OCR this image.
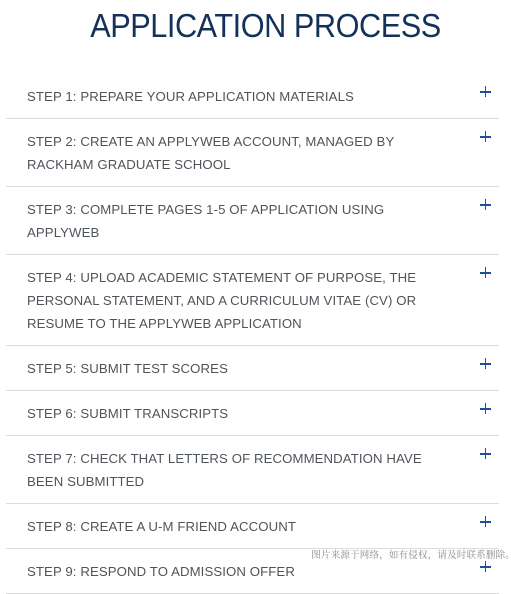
APPLICATION PROCESS
STEP 1: PREPARE YOUR APPLICATION MATERIALS
STEP 2: CREATE AN APPLYWEB ACCOUNT, MANAGED BY RACKHAM GRADUATE SCHOOL
STEP 3: COMPLETE PAGES 1-5 OF APPLICATION USING APPLYWEB
STEP 4: UPLOAD ACADEMIC STATEMENT OF PURPOSE, THE PERSONAL STATEMENT, AND A CURRICULUM VITAE (CV) OR RESUME TO THE APPLYWEB APPLICATION
STEP 5: SUBMIT TEST SCORES
STEP 6: SUBMIT TRANSCRIPTS
STEP 7: CHECK THAT LETTERS OF RECOMMENDATION HAVE BEEN SUBMITTED
STEP 8: CREATE A U-M FRIEND ACCOUNT
STEP 9: RESPOND TO ADMISSION OFFER
图片来源于网络，如有侵权，请及时联系删除。
